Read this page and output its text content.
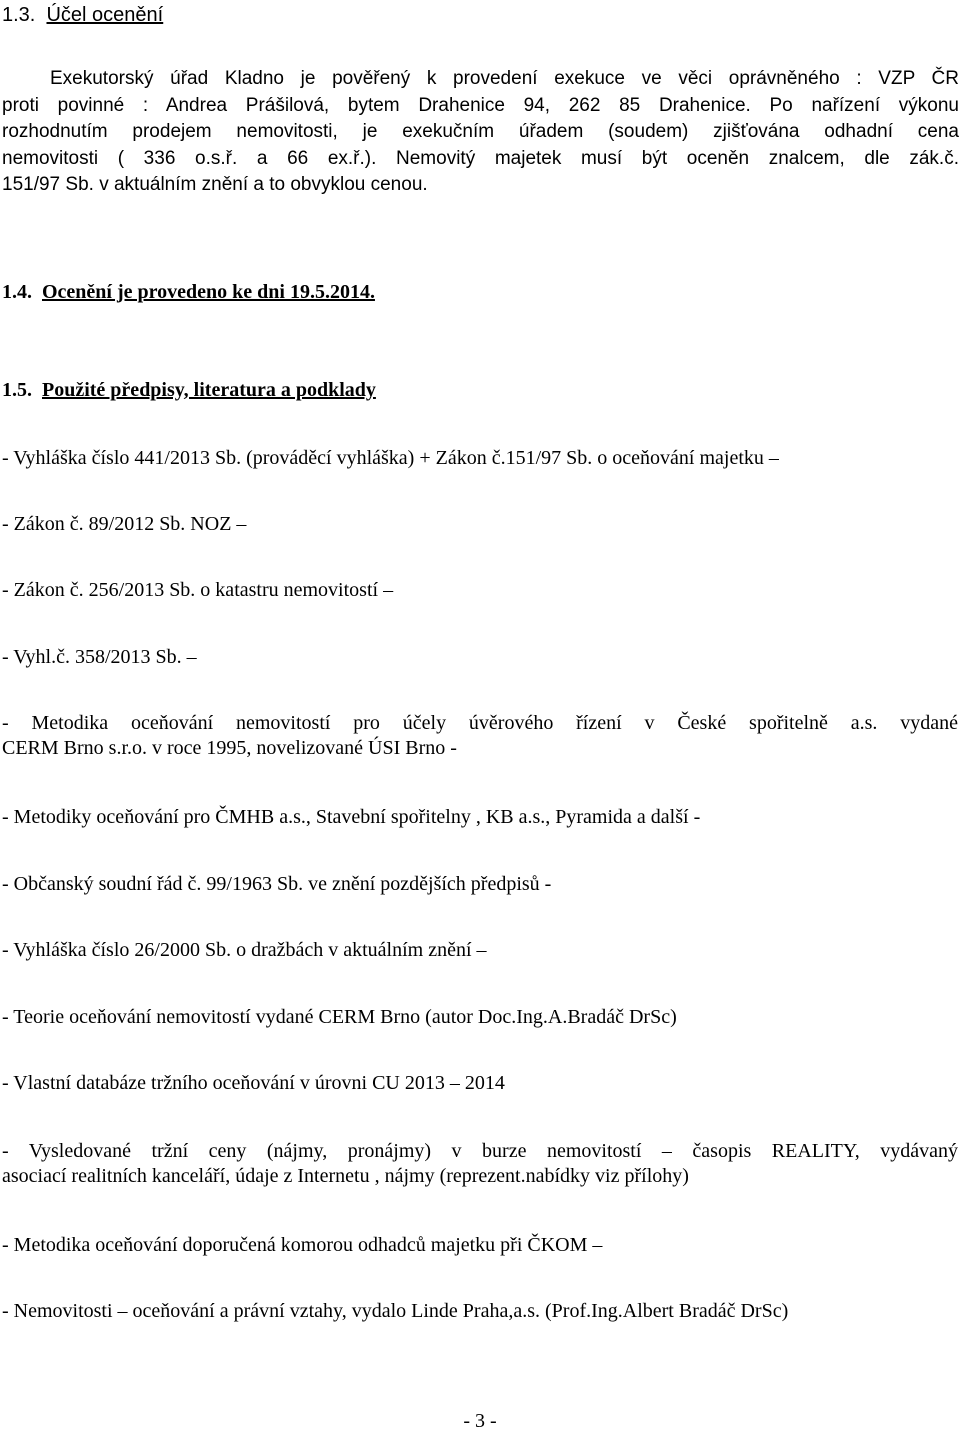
1.3. Účel ocenění
Exekutorský úřad Kladno je pověřený k provedení exekuce ve věci oprávněného : VZP ČR
proti povinné : Andrea Prášilová, bytem Drahenice 94, 262 85 Drahenice. Po nařízení výkonu
rozhodnutím prodejem nemovitosti, je exekučním úřadem (soudem) zjišťována odhadní cena
nemovitosti ( 336 o.s.ř. a 66 ex.ř.). Nemovitý majetek musí být oceněn znalcem, dle zák.č.
151/97 Sb. v aktuálním znění a to obvyklou cenou.
1.4. Ocenění je provedeno ke dni 19.5.2014.
1.5. Použité předpisy, literatura a podklady
- Vyhláška číslo 441/2013 Sb. (prováděcí vyhláška) + Zákon č.151/97 Sb. o oceňování majetku –
- Zákon č. 89/2012 Sb. NOZ –
- Zákon č. 256/2013 Sb. o katastru nemovitostí –
- Vyhl.č. 358/2013 Sb. –
- Metodika oceňování nemovitostí pro účely úvěrového řízení v České spořitelně a.s. vydané
CERM Brno s.r.o. v roce 1995, novelizované ÚSI Brno -
- Metodiky oceňování pro ČMHB a.s., Stavební spořitelny , KB a.s., Pyramida a další -
- Občanský soudní řád č. 99/1963 Sb. ve znění pozdějších předpisů -
- Vyhláška číslo 26/2000 Sb. o dražbách v aktuálním znění –
- Teorie oceňování nemovitostí vydané CERM Brno (autor Doc.Ing.A.Bradáč DrSc)
- Vlastní databáze tržního oceňování v úrovni CU 2013 – 2014
- Vysledované tržní ceny (nájmy, pronájmy) v burze nemovitostí – časopis REALITY, vydávaný
asociací realitních kanceláří, údaje z Internetu , nájmy (reprezent.nabídky viz přílohy)
- Metodika oceňování doporučená komorou odhadců majetku při ČKOM –
- Nemovitosti – oceňování a právní vztahy, vydalo Linde Praha,a.s. (Prof.Ing.Albert Bradáč DrSc)
- 3 -
